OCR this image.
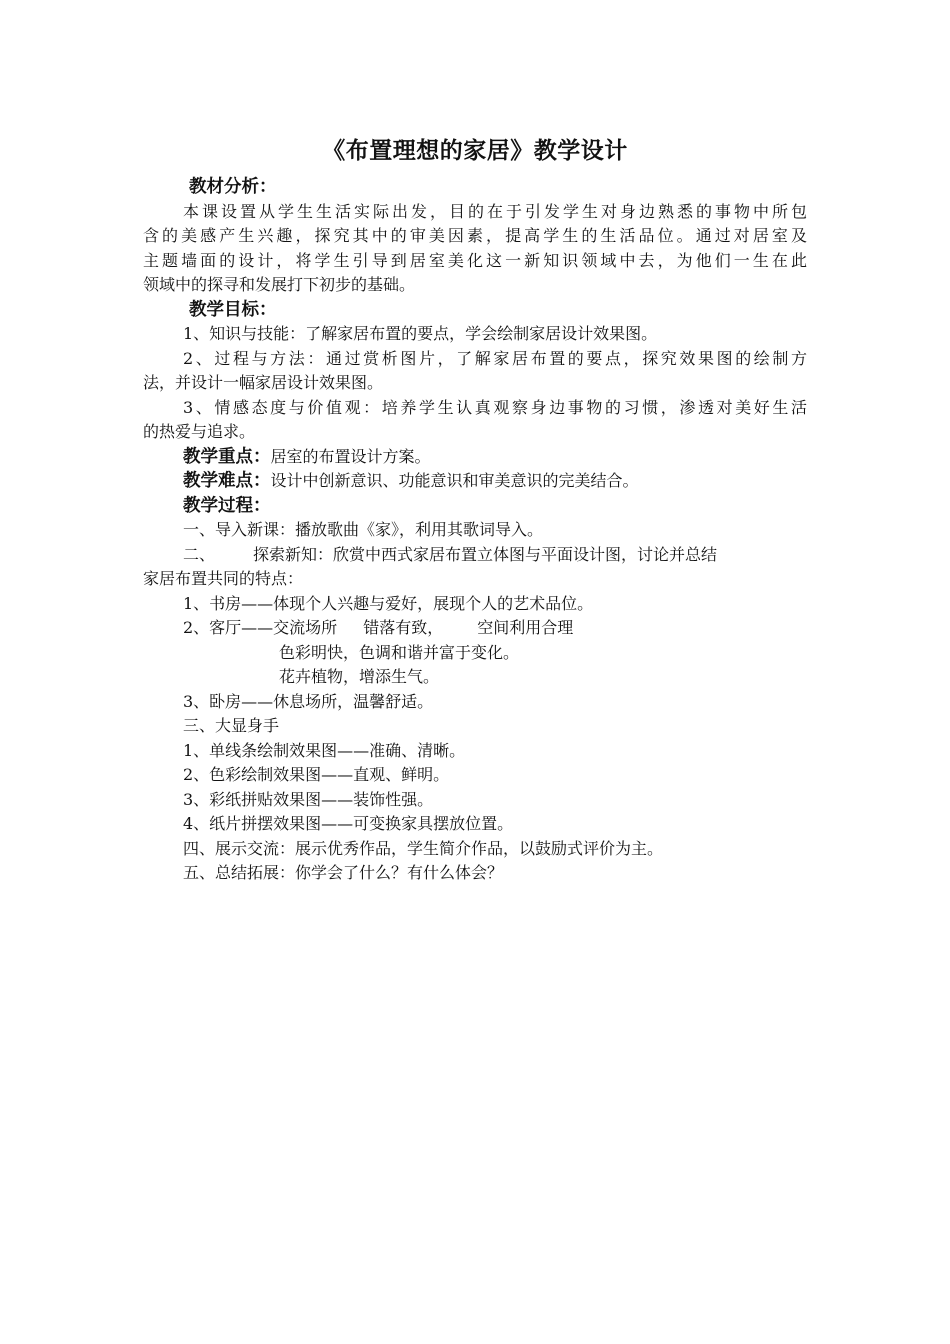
《布置理想的家居》教学设计
教材分析：
本课设置从学生生活实际出发，目的在于引发学生对身边熟悉的事物中所包
含的美感产生兴趣，探究其中的审美因素，提高学生的生活品位。通过对居室及
主题墙面的设计，将学生引导到居室美化这一新知识领域中去，为他们一生在此
领域中的探寻和发展打下初步的基础。
教学目标：
1、知识与技能：了解家居布置的要点，学会绘制家居设计效果图。
2、过程与方法：通过赏析图片，了解家居布置的要点，探究效果图的绘制方
法，并设计一幅家居设计效果图。
3、情感态度与价值观：培养学生认真观察身边事物的习惯，渗透对美好生活
的热爱与追求。
教学重点：居室的布置设计方案。
教学难点：设计中创新意识、功能意识和审美意识的完美结合。
教学过程：
一、导入新课：播放歌曲《家》，利用其歌词导入。
二、 探索新知：欣赏中西式家居布置立体图与平面设计图，讨论并总结
家居布置共同的特点：
1、书房——体现个人兴趣与爱好，展现个人的艺术品位。
2、客厅——交流场所 错落有致， 空间利用合理
色彩明快，色调和谐并富于变化。
花卉植物，增添生气。
3、卧房——休息场所，温馨舒适。
三、大显身手
1、单线条绘制效果图——准确、清晰。
2、色彩绘制效果图——直观、鲜明。
3、彩纸拼贴效果图——装饰性强。
4、纸片拼摆效果图——可变换家具摆放位置。
四、展示交流：展示优秀作品，学生简介作品，以鼓励式评价为主。
五、总结拓展：你学会了什么？有什么体会？
